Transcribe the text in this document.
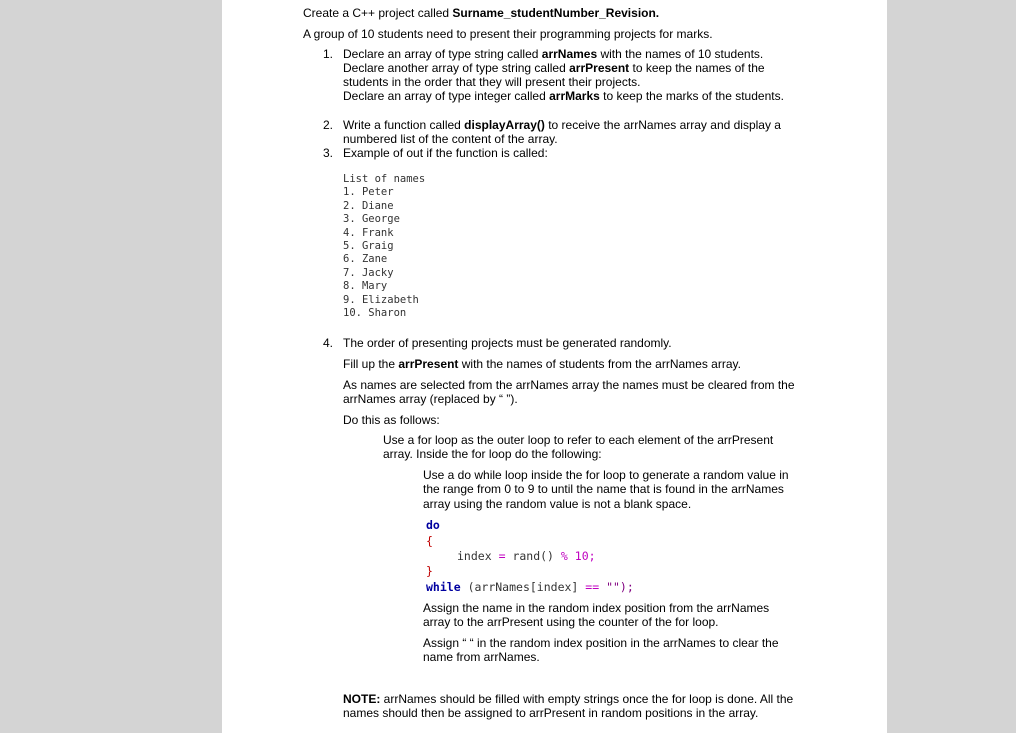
Create a C++ project called Surname_studentNumber_Revision.
A group of 10 students need to present their programming projects for marks.
1. Declare an array of type string called arrNames with the names of 10 students.
Declare another array of type string called arrPresent to keep the names of the
students in the order that they will present their projects.
Declare an array of type integer called arrMarks to keep the marks of the students.
2. Write a function called displayArray() to receive the arrNames array and display a
numbered list of the content of the array.
3. Example of out if the function is called:
List of names
1. Peter
2. Diane
3. George
4. Frank
5. Graig
6. Zane
7. Jacky
8. Mary
9. Elizabeth
10. Sharon
4. The order of presenting projects must be generated randomly.
Fill up the arrPresent with the names of students from the arrNames array.
As names are selected from the arrNames array the names must be cleared from the
arrNames array (replaced by “ ”).
Do this as follows:
Use a for loop as the outer loop to refer to each element of the arrPresent
array. Inside the for loop do the following:
Use a do while loop inside the for loop to generate a random value in
the range from 0 to 9 to until the name that is found in the arrNames
array using the random value is not a blank space.
do
{
index = rand() % 10;
}
while (arrNames[index] == "");
Assign the name in the random index position from the arrNames
array to the arrPresent using the counter of the for loop.
Assign “ “ in the random index position in the arrNames to clear the
name from arrNames.
NOTE: arrNames should be filled with empty strings once the for loop is done. All the
names should then be assigned to arrPresent in random positions in the array.
